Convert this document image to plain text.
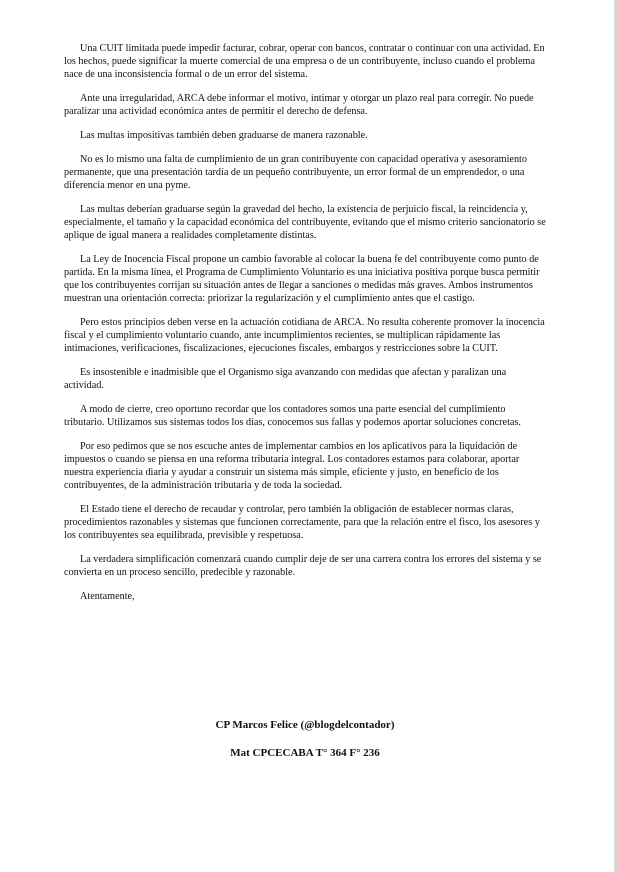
Una CUIT limitada puede impedir facturar, cobrar, operar con bancos, contratar o continuar con una actividad. En los hechos, puede significar la muerte comercial de una empresa o de un contribuyente, incluso cuando el problema nace de una inconsistencia formal o de un error del sistema.

Ante una irregularidad, ARCA debe informar el motivo, intimar y otorgar un plazo real para corregir. No puede paralizar una actividad económica antes de permitir el derecho de defensa.

Las multas impositivas también deben graduarse de manera razonable.

No es lo mismo una falta de cumplimiento de un gran contribuyente con capacidad operativa y asesoramiento permanente, que una presentación tardía de un pequeño contribuyente, un error formal de un emprendedor, o una diferencia menor en una pyme.

Las multas deberían graduarse según la gravedad del hecho, la existencia de perjuicio fiscal, la reincidencia y, especialmente, el tamaño y la capacidad económica del contribuyente, evitando que el mismo criterio sancionatorio se aplique de igual manera a realidades completamente distintas.

La Ley de Inocencia Fiscal propone un cambio favorable al colocar la buena fe del contribuyente como punto de partida. En la misma línea, el Programa de Cumplimiento Voluntario es una iniciativa positiva porque busca permitir que los contribuyentes corrijan su situación antes de llegar a sanciones o medidas más graves. Ambos instrumentos muestran una orientación correcta: priorizar la regularización y el cumplimiento antes que el castigo.

Pero estos principios deben verse en la actuación cotidiana de ARCA. No resulta coherente promover la inocencia fiscal y el cumplimiento voluntario cuando, ante incumplimientos recientes, se multiplican rápidamente las intimaciones, verificaciones, fiscalizaciones, ejecuciones fiscales, embargos y restricciones sobre la CUIT.

Es insostenible e inadmisible que el Organismo siga avanzando con medidas que afectan y paralizan una actividad.

A modo de cierre, creo oportuno recordar que los contadores somos una parte esencial del cumplimiento tributario. Utilizamos sus sistemas todos los días, conocemos sus fallas y podemos aportar soluciones concretas.

Por eso pedimos que se nos escuche antes de implementar cambios en los aplicativos para la liquidación de impuestos o cuando se piensa en una reforma tributaria integral. Los contadores estamos para colaborar, aportar nuestra experiencia diaria y ayudar a construir un sistema más simple, eficiente y justo, en beneficio de los contribuyentes, de la administración tributaria y de toda la sociedad.

El Estado tiene el derecho de recaudar y controlar, pero también la obligación de establecer normas claras, procedimientos razonables y sistemas que funcionen correctamente, para que la relación entre el fisco, los asesores y los contribuyentes sea equilibrada, previsible y respetuosa.

La verdadera simplificación comenzará cuando cumplir deje de ser una carrera contra los errores del sistema y se convierta en un proceso sencillo, predecible y razonable.

Atentamente,

CP Marcos Felice (@blogdelcontador)

Mat CPCECABA T° 364 F° 236
